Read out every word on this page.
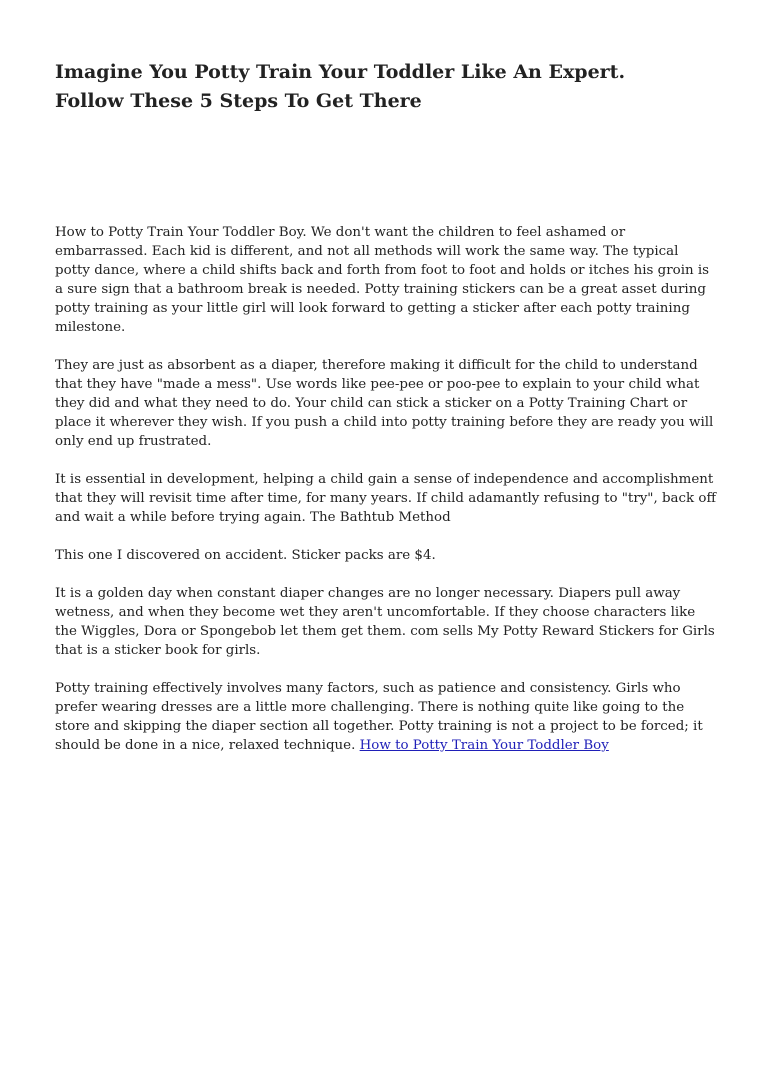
Imagine You Potty Train Your Toddler Like An Expert.
Follow These 5 Steps To Get There

How to Potty Train Your Toddler Boy. We don't want the children to feel ashamed or embarrassed. Each kid is different, and not all methods will work the same way. The typical potty dance, where a child shifts back and forth from foot to foot and holds or itches his groin is a sure sign that a bathroom break is needed. Potty training stickers can be a great asset during potty training as your little girl will look forward to getting a sticker after each potty training milestone.

They are just as absorbent as a diaper, therefore making it difficult for the child to understand that they have "made a mess". Use words like pee-pee or poo-pee to explain to your child what they did and what they need to do. Your child can stick a sticker on a Potty Training Chart or place it wherever they wish. If you push a child into potty training before they are ready you will only end up frustrated.

It is essential in development, helping a child gain a sense of independence and accomplishment that they will revisit time after time, for many years. If child adamantly refusing to "try", back off and wait a while before trying again. The Bathtub Method

This one I discovered on accident. Sticker packs are $4.

It is a golden day when constant diaper changes are no longer necessary. Diapers pull away wetness, and when they become wet they aren't uncomfortable. If they choose characters like the Wiggles, Dora or Spongebob let them get them. com sells My Potty Reward Stickers for Girls that is a sticker book for girls.

Potty training effectively involves many factors, such as patience and consistency. Girls who prefer wearing dresses are a little more challenging. There is nothing quite like going to the store and skipping the diaper section all together. Potty training is not a project to be forced; it should be done in a nice, relaxed technique. How to Potty Train Your Toddler Boy
